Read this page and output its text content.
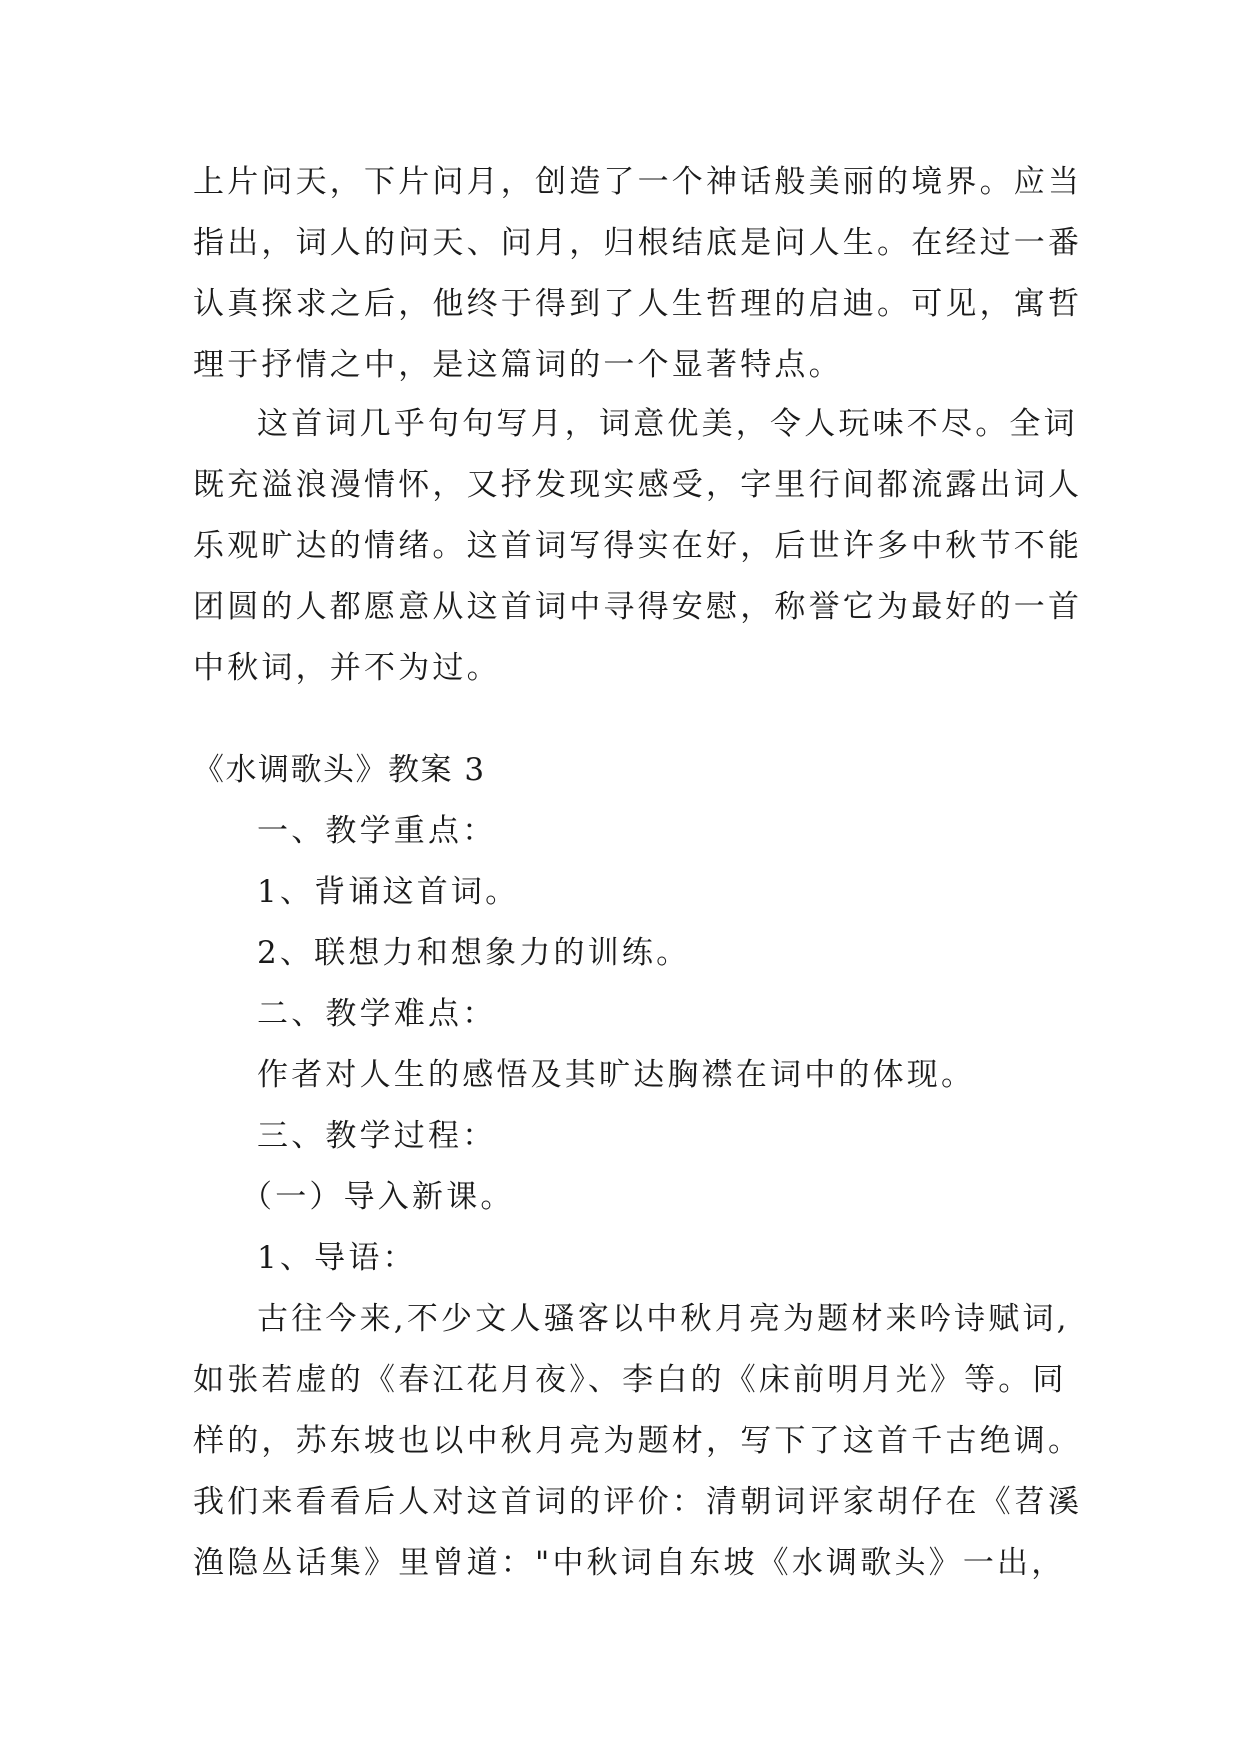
上片问天，下片问月，创造了一个神话般美丽的境界。应当
指出，词人的问天、问月，归根结底是问人生。在经过一番
认真探求之后，他终于得到了人生哲理的启迪。可见，寓哲
理于抒情之中，是这篇词的一个显著特点。
这首词几乎句句写月，词意优美，令人玩味不尽。全词
既充溢浪漫情怀，又抒发现实感受，字里行间都流露出词人
乐观旷达的情绪。这首词写得实在好，后世许多中秋节不能
团圆的人都愿意从这首词中寻得安慰，称誉它为最好的一首
中秋词，并不为过。
《水调歌头》教案 3
一、教学重点：
1、背诵这首词。
2、联想力和想象力的训练。
二、教学难点：
作者对人生的感悟及其旷达胸襟在词中的体现。
三、教学过程：
（一）导入新课。
1、导语：
古往今来,不少文人骚客以中秋月亮为题材来吟诗赋词,
如张若虚的《春江花月夜》、李白的《床前明月光》等。同
样的，苏东坡也以中秋月亮为题材，写下了这首千古绝调。
我们来看看后人对这首词的评价：清朝词评家胡仔在《苕溪
渔隐丛话集》里曾道："中秋词自东坡《水调歌头》一出，
